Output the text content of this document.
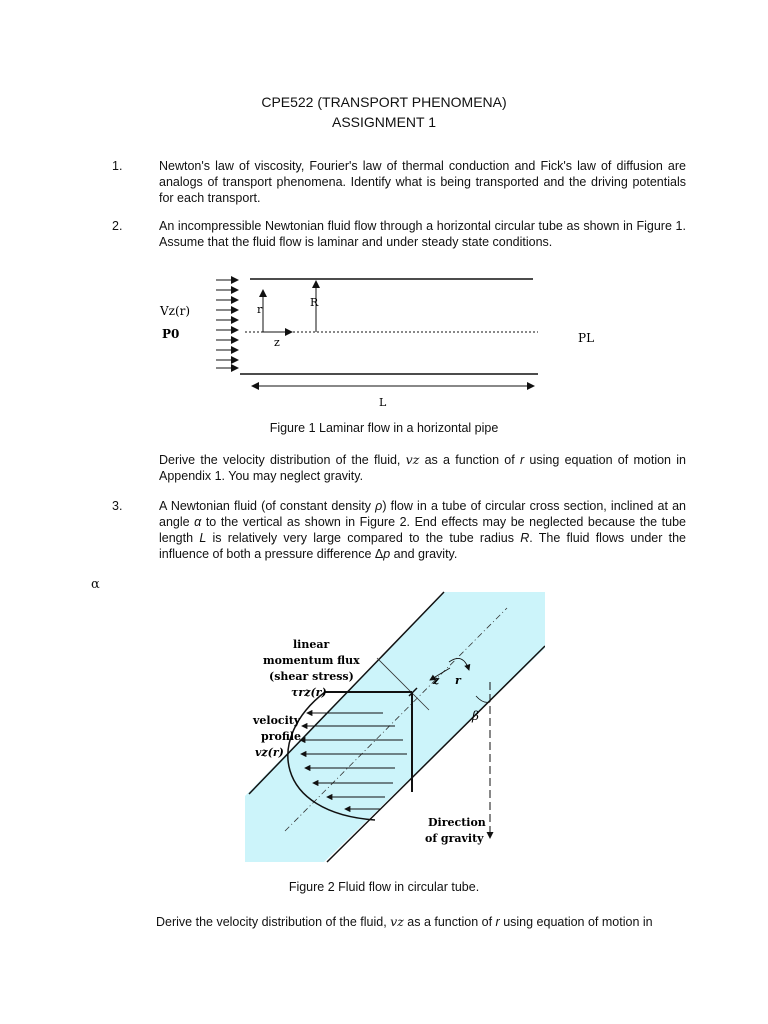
CPE522 (TRANSPORT PHENOMENA)
ASSIGNMENT 1
1.	Newton's law of viscosity, Fourier's law of thermal conduction and Fick's law of diffusion are analogs of transport phenomena. Identify what is being transported and the driving potentials for each transport.
2.	An incompressible Newtonian fluid flow through a horizontal circular tube as shown in Figure 1. Assume that the fluid flow is laminar and under steady state conditions.
Vz(r)
P0	PL
r
R
z
L
Figure 1 Laminar flow in a horizontal pipe
Derive the velocity distribution of the fluid, vz as a function of r using equation of motion in Appendix 1. You may neglect gravity.
3.	A Newtonian fluid (of constant density ρ) flow in a tube of circular cross section, inclined at an angle α to the vertical as shown in Figure 2. End effects may be neglected because the tube length L is relatively very large compared to the tube radius R. The fluid flows under the influence of both a pressure difference Δp and gravity.
α
linear
momentum flux
(shear stress)
τrz(r)
velocity
profile
vz(r)
z r
β
Direction
of gravity
Figure 2 Fluid flow in circular tube.
Derive the velocity distribution of the fluid, vz as a function of r using equation of motion in
